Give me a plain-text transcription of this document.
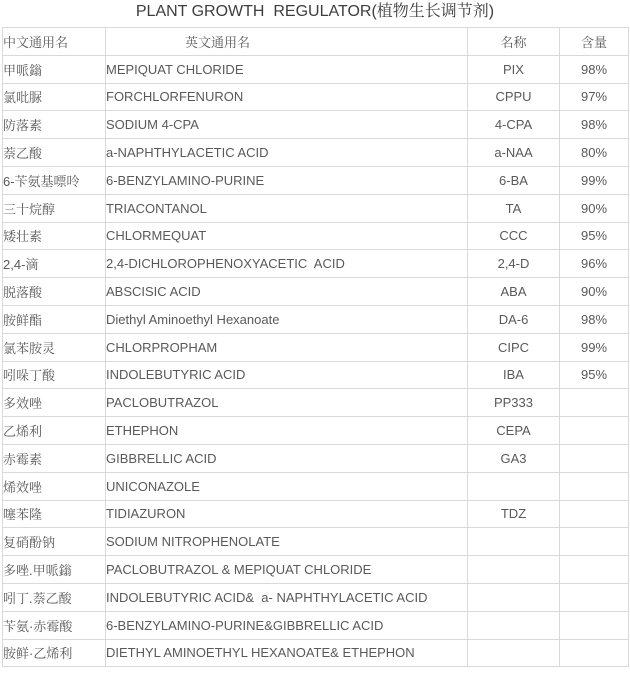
PLANT GROWTH  REGULATOR(植物生长调节剂)
中文通用名	英文通用名	名称	含量
甲哌鎓	MEPIQUAT CHLORIDE	PIX	98%
氯吡脲	FORCHLORFENURON	CPPU	97%
防落素	SODIUM 4-CPA	4-CPA	98%
萘乙酸	a-NAPHTHYLACETIC ACID	a-NAA	80%
6-苄氨基嘌呤	6-BENZYLAMINO-PURINE	6-BA	99%
三十烷醇	TRIACONTANOL	TA	90%
矮壮素	CHLORMEQUAT	CCC	95%
2,4-滴	2,4-DICHLOROPHENOXYACETIC  ACID	2,4-D	96%
脱落酸	ABSCISIC ACID	ABA	90%
胺鲜酯	Diethyl Aminoethyl Hexanoate	DA-6	98%
氯苯胺灵	CHLORPROPHAM	CIPC	99%
吲哚丁酸	INDOLEBUTYRIC ACID	IBA	95%
多效唑	PACLOBUTRAZOL	PP333	
乙烯利	ETHEPHON	CEPA	
赤霉素	GIBBRELLIC ACID	GA3	
烯效唑	UNICONAZOLE		
噻苯隆	TIDIAZURON	TDZ	
复硝酚钠	SODIUM NITROPHENOLATE		
多唑.甲哌鎓	PACLOBUTRAZOL & MEPIQUAT CHLORIDE		
吲丁.萘乙酸	INDOLEBUTYRIC ACID&  a- NAPHTHYLACETIC ACID		
苄氨·赤霉酸	6-BENZYLAMINO-PURINE&GIBBRELLIC ACID		
胺鲜·乙烯利	DIETHYL AMINOETHYL HEXANOATE& ETHEPHON		
